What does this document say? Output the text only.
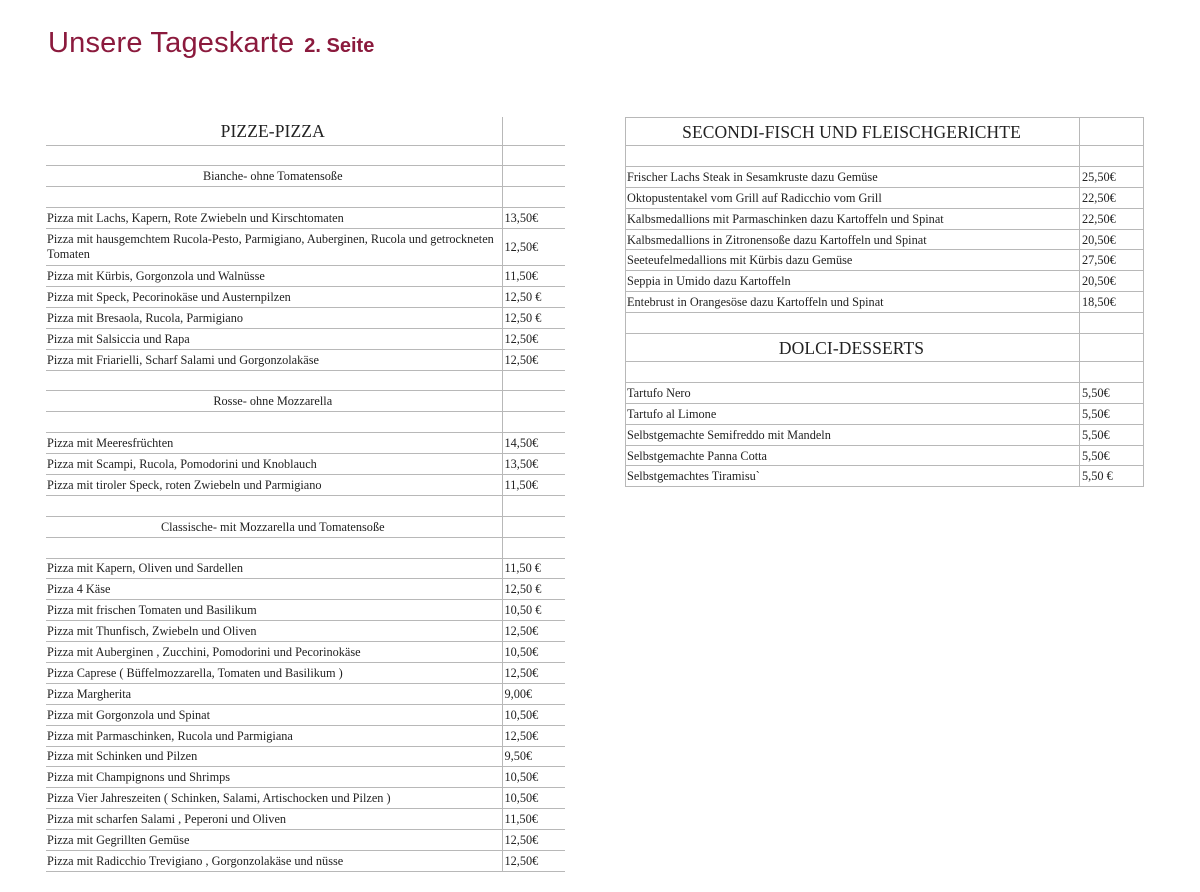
Unsere Tageskarte 2. Seite
PIZZE-PIZZA	

Bianche- ohne Tomatensoße	

Pizza mit Lachs, Kapern, Rote Zwiebeln und Kirschtomaten	13,50€
Pizza mit hausgemchtem Rucola-Pesto, Parmigiano, Auberginen, Rucola und getrockneten Tomaten	12,50€
Pizza mit Kürbis, Gorgonzola und Walnüsse	11,50€
Pizza mit Speck, Pecorinokäse und Austernpilzen	12,50 €
Pizza mit Bresaola, Rucola, Parmigiano	12,50 €
Pizza mit Salsiccia und Rapa	12,50€
Pizza mit Friarielli, Scharf Salami und Gorgonzolakäse	12,50€

Rosse- ohne Mozzarella	

Pizza mit Meeresfrüchten	14,50€
Pizza mit Scampi, Rucola, Pomodorini und Knoblauch	13,50€
Pizza mit tiroler Speck, roten Zwiebeln und Parmigiano	11,50€

Classische- mit Mozzarella und Tomatensoße	

Pizza mit Kapern, Oliven und Sardellen	11,50 €
Pizza 4 Käse	12,50 €
Pizza mit frischen Tomaten und Basilikum	10,50 €
Pizza mit Thunfisch, Zwiebeln und Oliven	12,50€
Pizza mit Auberginen , Zucchini, Pomodorini und Pecorinokäse	10,50€
Pizza Caprese ( Büffelmozzarella, Tomaten und Basilikum )	12,50€
Pizza Margherita	9,00€
Pizza mit Gorgonzola und Spinat	10,50€
Pizza mit Parmaschinken, Rucola und Parmigiana	12,50€
Pizza mit Schinken und Pilzen	9,50€
Pizza mit Champignons und Shrimps	10,50€
Pizza Vier Jahreszeiten ( Schinken, Salami, Artischocken und Pilzen )	10,50€
Pizza mit scharfen Salami , Peperoni und Oliven	11,50€
Pizza mit Gegrillten Gemüse	12,50€
Pizza mit Radicchio Trevigiano , Gorgonzolakäse und nüsse	12,50€
SECONDI-FISCH UND FLEISCHGERICHTE	

Frischer Lachs Steak in Sesamkruste dazu Gemüse	25,50€
Oktopustentakel vom Grill auf Radicchio vom Grill	22,50€
Kalbsmedallions mit Parmaschinken dazu Kartoffeln und Spinat	22,50€
Kalbsmedallions in Zitronensoße dazu Kartoffeln und Spinat	20,50€
Seeteufelmedallions mit Kürbis dazu Gemüse	27,50€
Seppia in Umido dazu Kartoffeln	20,50€
Entebrust in Orangesöse dazu Kartoffeln und Spinat	18,50€

DOLCI-DESSERTS	

Tartufo Nero	5,50€
Tartufo al Limone	5,50€
Selbstgemachte Semifreddo mit Mandeln	5,50€
Selbstgemachte Panna Cotta	5,50€
Selbstgemachtes Tiramisu`	5,50 €
